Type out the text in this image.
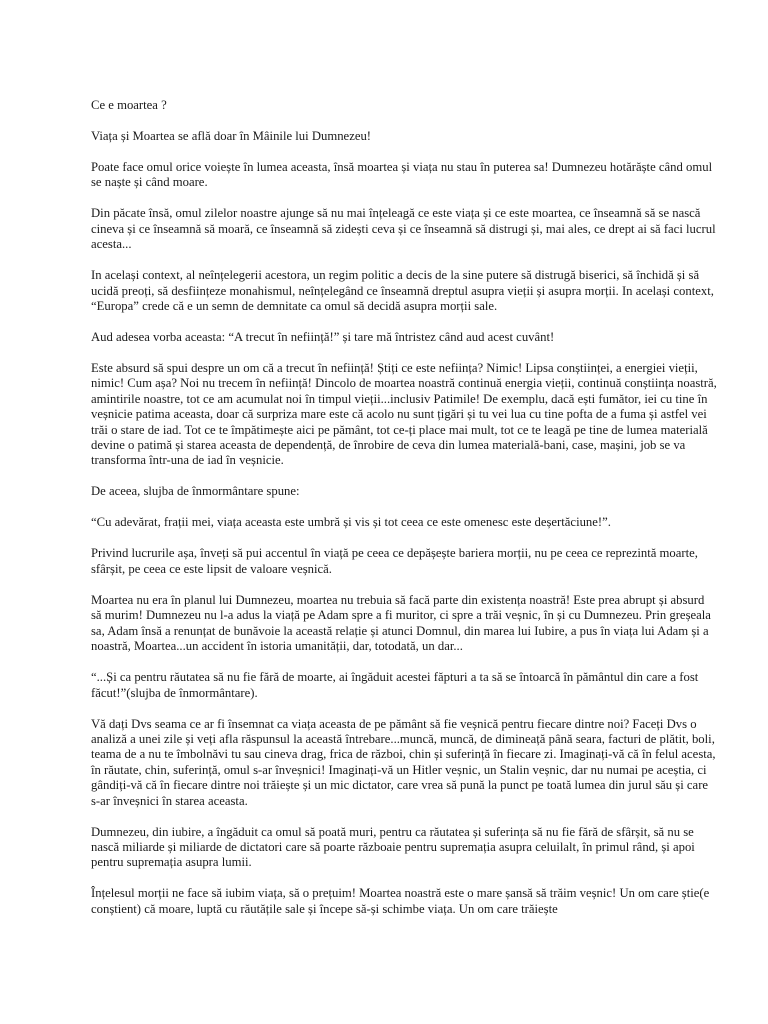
Ce e moartea ?

Viața și Moartea se află doar în Mâinile lui Dumnezeu!

Poate face omul orice voiește în lumea aceasta, însă moartea și viața nu stau în puterea sa! Dumnezeu hotărăște când omul se naște și când moare.

Din păcate însă, omul zilelor noastre ajunge să nu mai înțeleagă ce este viața și ce este moartea, ce înseamnă să se nască cineva și ce înseamnă să moară, ce înseamnă să zidești ceva și ce înseamnă să distrugi și, mai ales, ce drept ai să faci lucrul acesta...

In același context, al neînțelegerii acestora, un regim politic a decis de la sine putere să distrugă biserici, să închidă și să ucidă preoți, să desființeze monahismul, neînțelegând ce înseamnă dreptul asupra vieții și asupra morții. In același context, “Europa” crede că e un semn de demnitate ca omul să decidă asupra morții sale.

Aud adesea vorba aceasta: “A trecut în neființă!” și tare mă întristez când aud acest cuvânt!

Este absurd să spui despre un om că a trecut în neființă! Știți ce este neființa? Nimic! Lipsa conștiinței, a energiei vieții, nimic! Cum așa? Noi nu trecem în neființă! Dincolo de moartea noastră continuă energia vieții, continuă conștiința noastră, amintirile noastre, tot ce am acumulat noi în timpul vieții...inclusiv Patimile! De exemplu, dacă ești fumător, iei cu tine în veșnicie patima aceasta, doar că surpriza mare este că acolo nu sunt țigări și tu vei lua cu tine pofta de a fuma și astfel vei trăi o stare de iad. Tot ce te împătimește aici pe pământ, tot ce-ți place mai mult, tot ce te leagă pe tine de lumea materială devine o patimă și starea aceasta de dependență, de înrobire de ceva din lumea materială-bani, case, mașini, job se va transforma într-una de iad în veșnicie.

De aceea, slujba de înmormântare spune:

“Cu adevărat, frații mei, viața aceasta este umbră și vis și tot ceea ce este omenesc este deșertăciune!”.

Privind lucrurile așa, înveți să pui accentul în viață pe ceea ce depășește bariera morții, nu pe ceea ce reprezintă moarte, sfârșit, pe ceea ce este lipsit de valoare veșnică.

Moartea nu era în planul lui Dumnezeu, moartea nu trebuia să facă parte din existența noastră! Este prea abrupt și absurd să murim! Dumnezeu nu l-a adus la viață pe Adam spre a fi muritor, ci spre a trăi veșnic, în și cu Dumnezeu. Prin greșeala sa, Adam însă a renunțat de bunăvoie la această relație și atunci Domnul, din marea lui Iubire, a pus în viața lui Adam și a noastră, Moartea...un accident în istoria umanității, dar, totodată, un dar...

“...Și ca pentru răutatea să nu fie fără de moarte, ai îngăduit acestei făpturi a ta să se întoarcă în pământul din care a fost făcut!”(slujba de înmormântare).

Vă dați Dvs seama ce ar fi însemnat ca viața aceasta de pe pământ să fie veșnică pentru fiecare dintre noi? Faceți Dvs o analiză a unei zile și veți afla răspunsul la această întrebare...muncă, muncă, de dimineață până seara, facturi de plătit, boli, teama de a nu te îmbolnăvi tu sau cineva drag, frica de război, chin și suferință în fiecare zi. Imaginați-vă că în felul acesta, în răutate, chin, suferință, omul s-ar înveșnici! Imaginați-vă un Hitler veșnic, un Stalin veșnic, dar nu numai pe aceștia, ci gândiți-vă că în fiecare dintre noi trăiește și un mic dictator, care vrea să pună la punct pe toată lumea din jurul său și care s-ar înveșnici în starea aceasta.

Dumnezeu, din iubire, a îngăduit ca omul să poată muri, pentru ca răutatea și suferința să nu fie fără de sfârșit, să nu se nască miliarde și miliarde de dictatori care să poarte războaie pentru supremația asupra celuilalt, în primul rând, și apoi pentru supremația asupra lumii.

Înțelesul morții ne face să iubim viața, să o prețuim! Moartea noastră este o mare șansă să trăim veșnic! Un om care știe(e conștient) că moare, luptă cu răutățile sale și începe să-și schimbe viața. Un om care trăiește
